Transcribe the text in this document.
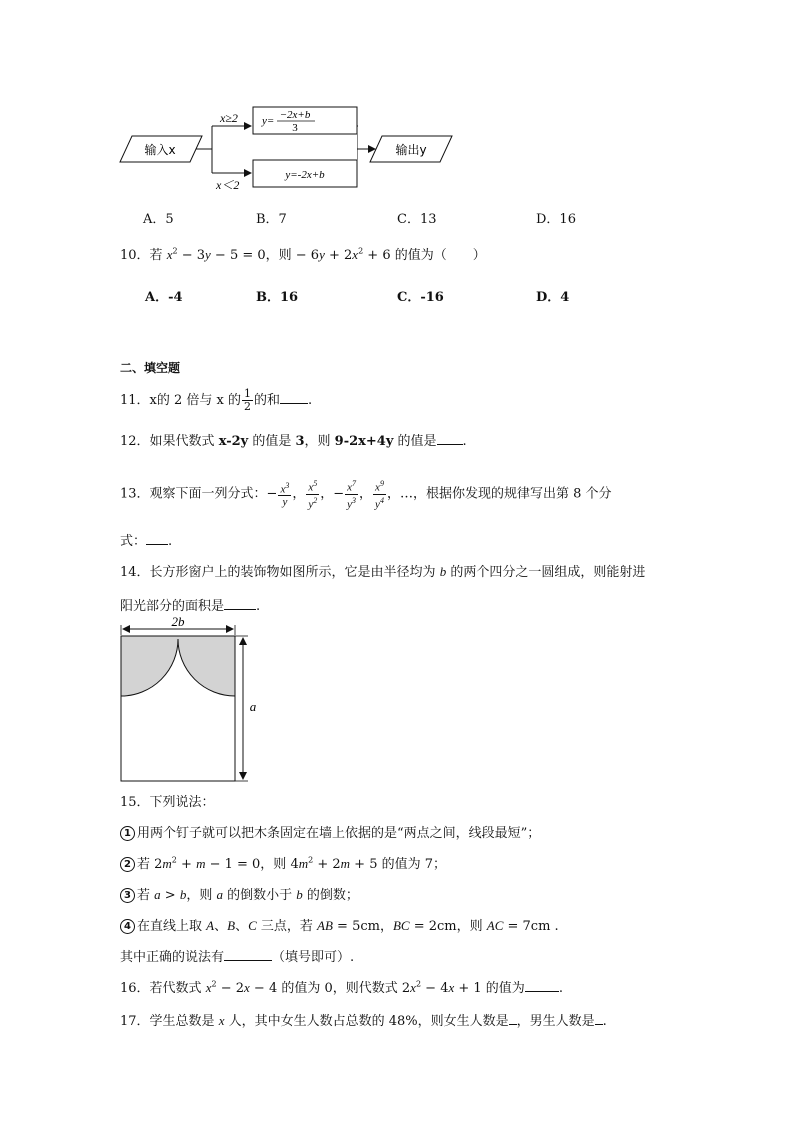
输入x
x≥2
x＜2
y= −2x+b
3
y=-2x+b
输出y
A．5	B．7	C．13	D．16
10．若 $x^2 - 3y - 5 = 0$，则 − $6y + 2x^2 + 6$ 的值为（　　）
A．-4	B．16	C．-16	D．4
二、填空题
11．x的 2 倍与 x 的 $\frac{1}{2}$ 的和 .
12．如果代数式 x-2y 的值是 3，则 9-2x+4y 的值是 .
13．观察下面一列分式：− $\frac{x^3}{y}$ ， $\frac{x^5}{y^2}$ ，− $\frac{x^7}{y^3}$ ， $\frac{x^9}{y^4}$ ，…，根据你发现的规律写出第 8 个分
式： .
14．长方形窗户上的装饰物如图所示，它是由半径均为 b 的两个四分之一圆组成，则能射进
阳光部分的面积是 .
2b
a
15．下列说法：
1 用两个钉子就可以把木条固定在墙上依据的是“两点之间，线段最短”；
2 若 $2m^2 + m - 1 = 0$，则 $4m^2 + 2m + 5$ 的值为 7；
3 若 a > b，则 a 的倒数小于 b 的倒数；
4 在直线上取 A、B、C 三点，若 AB = 5cm，BC = 2cm，则 AC = 7cm .
其中正确的说法有	（填号即可）.
16．若代数式 $x^2 - 2x - 4$ 的值为 0，则代数式 $2x^2 - 4x + 1$ 的值为	.
17．学生总数是 x 人，其中女生人数占总数的 48%，则女生人数是 ，男生人数是 .
